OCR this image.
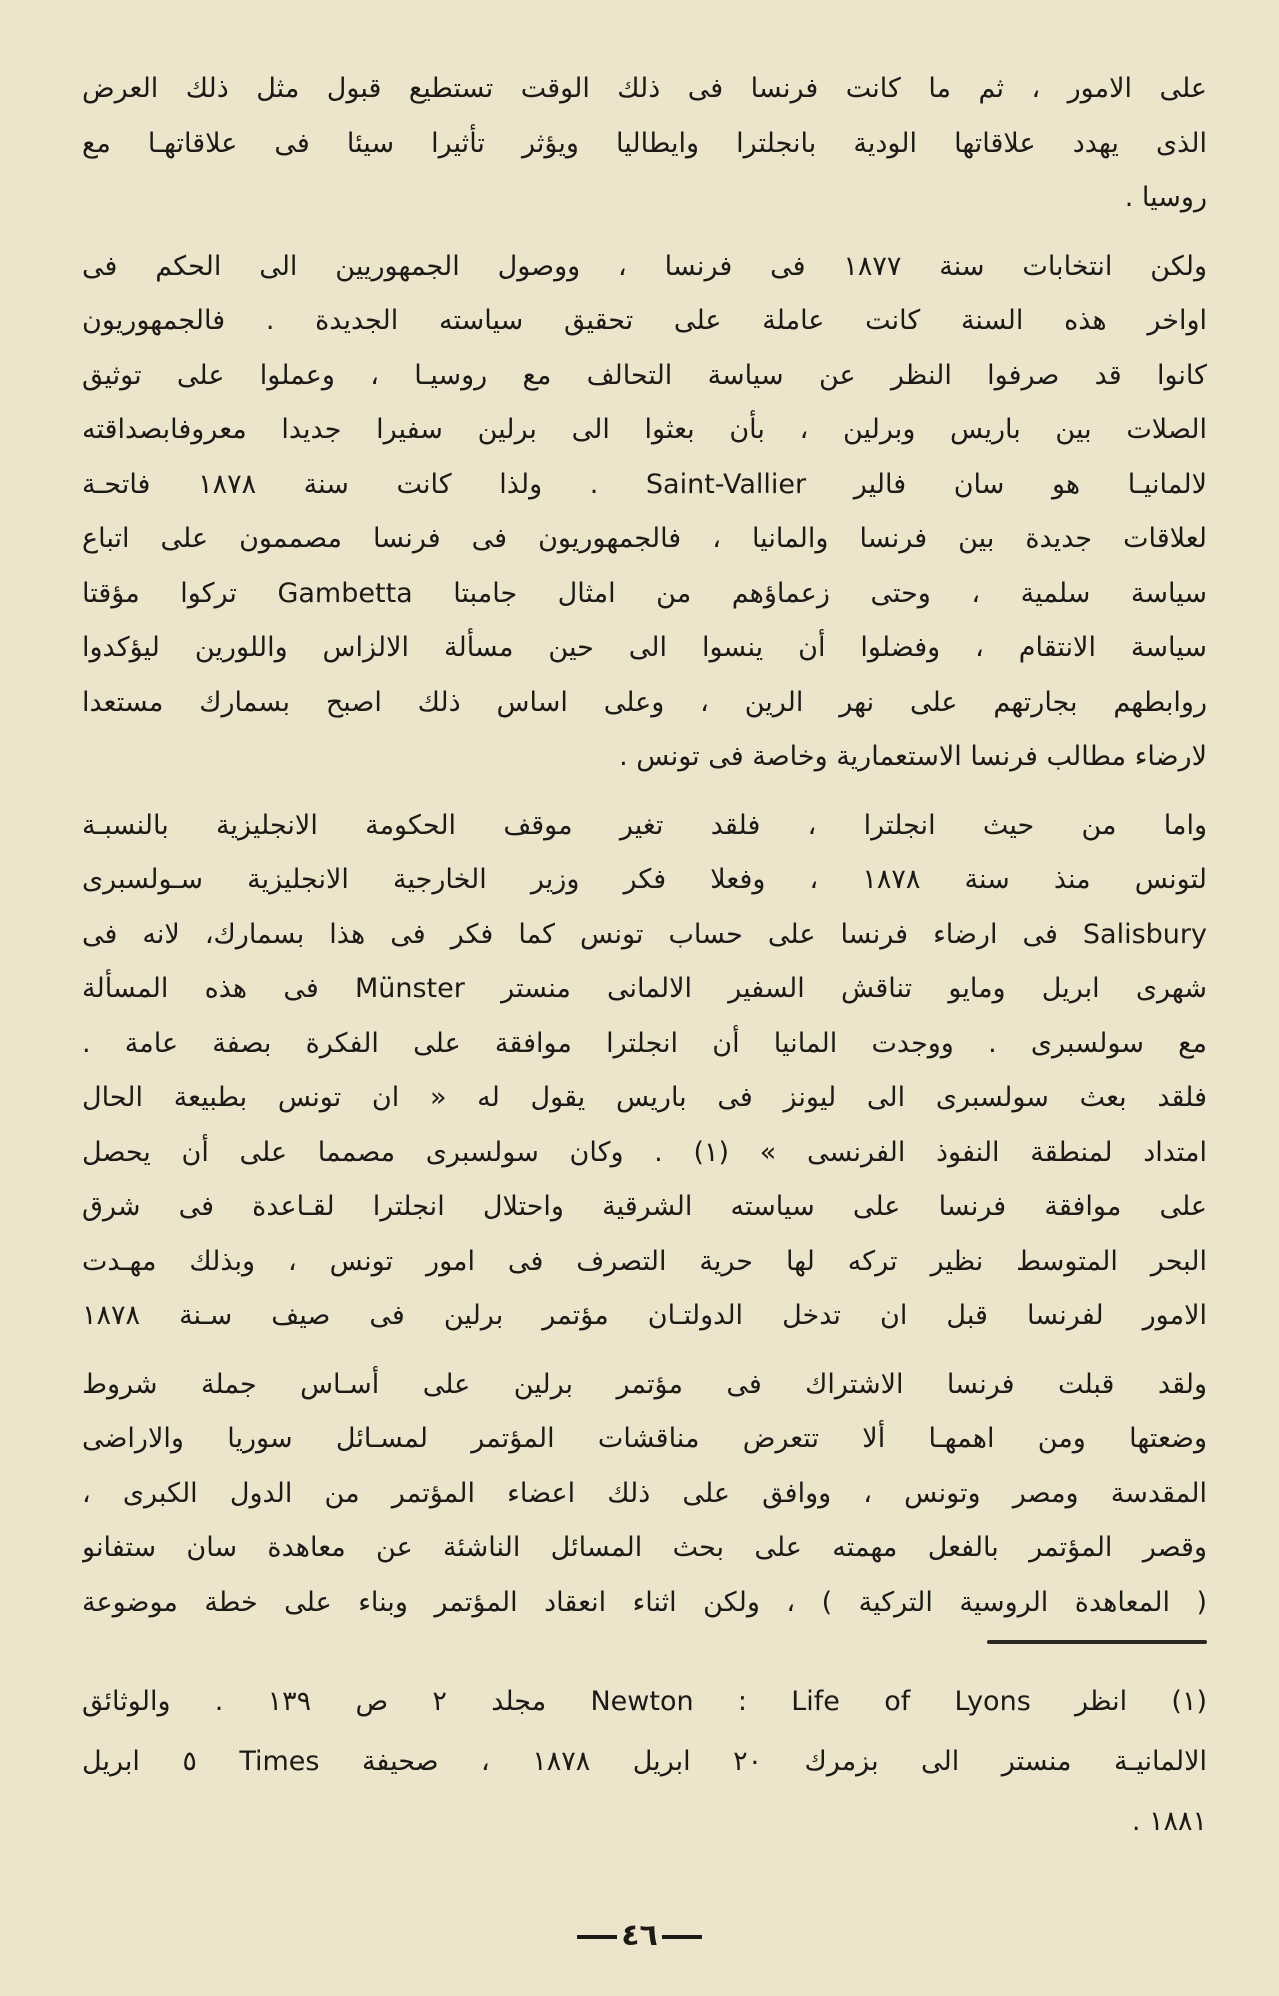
على الامور ، ثم ما كانت فرنسا فى ذلك الوقت تستطيع قبول مثل ذلك العرض
الذى يهدد علاقاتها الودية بانجلترا وايطاليا ويؤثر تأثيرا سيئا فى علاقاتهـا مع
روسيا .
ولكن انتخابات سنة ١٨٧٧ فى فرنسا ، ووصول الجمهوريين الى الحكم فى
اواخر هذه السنة كانت عاملة على تحقيق سياسته الجديدة . فالجمهوريون
كانوا قد صرفوا النظر عن سياسة التحالف مع روسيـا ، وعملوا على توثيق
الصلات بين باريس وبرلين ، بأن بعثوا الى برلين سفيرا جديدا معروفابصداقته
لالمانيـا هو سان فالير Saint-Vallier . ولذا كانت سنة ١٨٧٨ فاتحـة
لعلاقات جديدة بين فرنسا والمانيا ، فالجمهوريون فى فرنسا مصممون على اتباع
سياسة سلمية ، وحتى زعماؤهم من امثال جامبتا Gambetta تركوا مؤقتا
سياسة الانتقام ، وفضلوا أن ينسوا الى حين مسألة الالزاس واللورين ليؤكدوا
روابطهم بجارتهم على نهر الرين ، وعلى اساس ذلك اصبح بسمارك مستعدا
لارضاء مطالب فرنسا الاستعمارية وخاصة فى تونس .
واما من حيث انجلترا ، فلقد تغير موقف الحكومة الانجليزية بالنسبـة
لتونس منذ سنة ١٨٧٨ ، وفعلا فكر وزير الخارجية الانجليزية سـولسبرى
Salisbury فى ارضاء فرنسا على حساب تونس كما فكر فى هذا بسمارك، لانه فى
شهرى ابريل ومايو تناقش السفير الالمانى منستر Münster فى هذه المسألة
مع سولسبرى . ووجدت المانيا أن انجلترا موافقة على الفكرة بصفة عامة .
فلقد بعث سولسبرى الى ليونز فى باريس يقول له « ان تونس بطبيعة الحال
امتداد لمنطقة النفوذ الفرنسى » (١) . وكان سولسبرى مصمما على أن يحصل
على موافقة فرنسا على سياسته الشرقية واحتلال انجلترا لقـاعدة فى شرق
البحر المتوسط نظير تركه لها حرية التصرف فى امور تونس ، وبذلك مهـدت
الامور لفرنسا قبل ان تدخل الدولتـان مؤتمر برلين فى صيف سـنة ١٨٧٨
ولقد قبلت فرنسا الاشتراك فى مؤتمر برلين على أسـاس جملة شروط
وضعتها ومن اهمهـا ألا تتعرض مناقشات المؤتمر لمسـائل سوريا والاراضى
المقدسة ومصر وتونس ، ووافق على ذلك اعضاء المؤتمر من الدول الكبرى ،
وقصر المؤتمر بالفعل مهمته على بحث المسائل الناشئة عن معاهدة سان ستفانو
( المعاهدة الروسية التركية ) ، ولكن اثناء انعقاد المؤتمر وبناء على خطة موضوعة
(١) انظر Newton : Life of Lyons مجلد ٢ ص ١٣٩ . والوثائق
الالمانيـة منستر الى بزمرك ٢٠ ابريل ١٨٧٨ ، صحيفة Times ٥ ابريل
١٨٨١ .
٤٦
